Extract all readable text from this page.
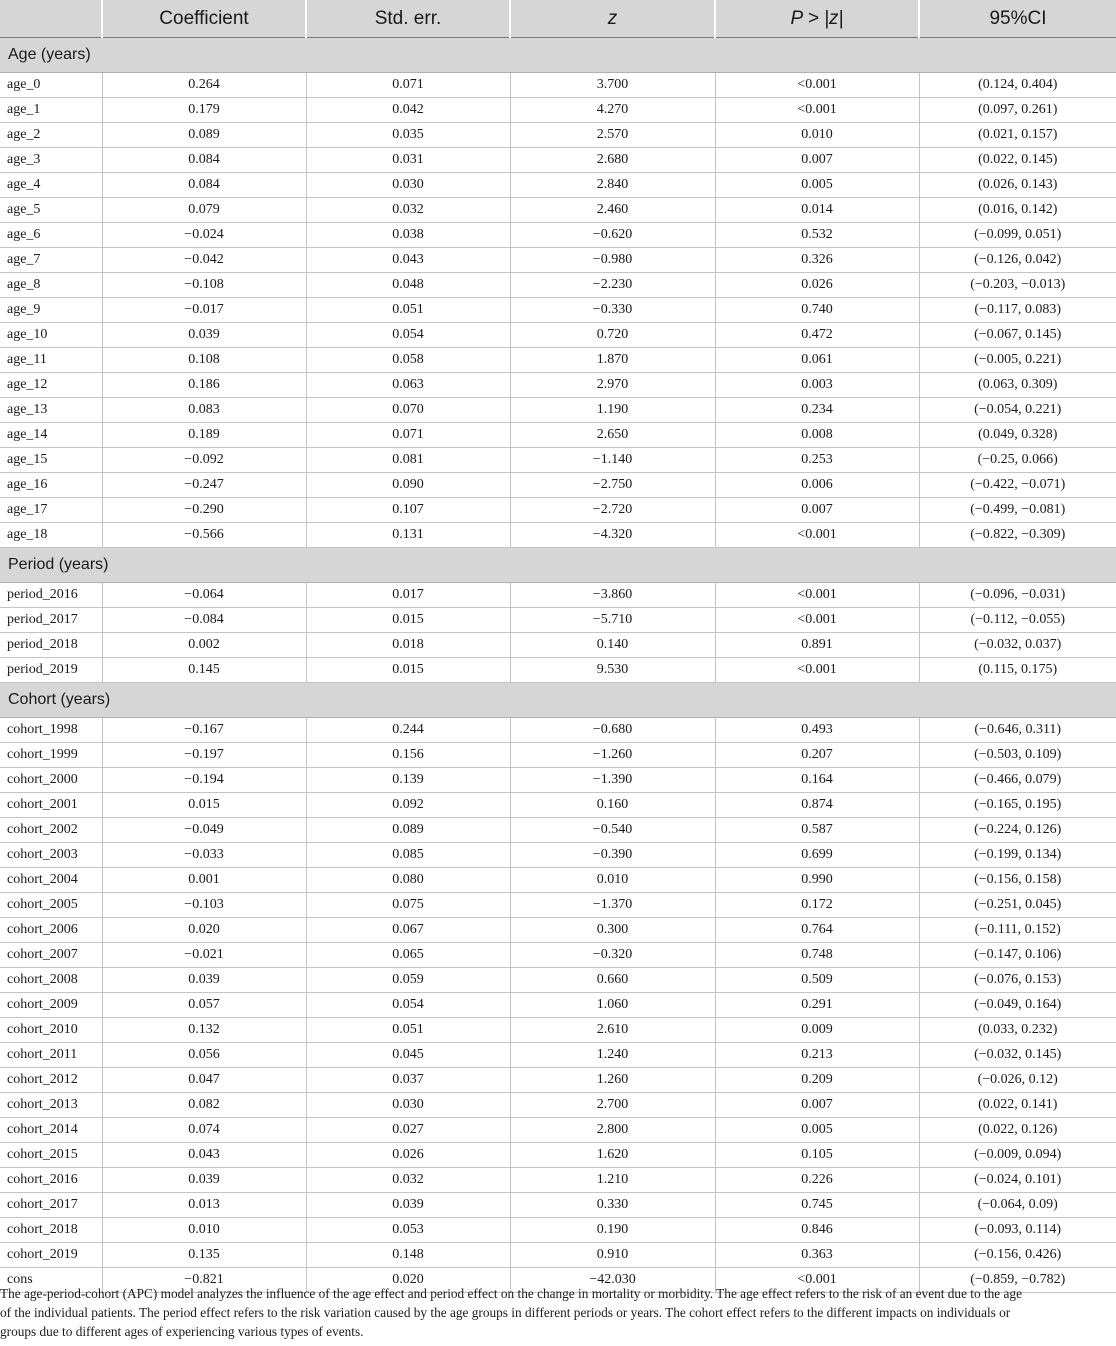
	Coefficient	Std. err.	z	P > |z|	95%CI
Age (years)					
age_0	0.264	0.071	3.700	<0.001	(0.124, 0.404)
age_1	0.179	0.042	4.270	<0.001	(0.097, 0.261)
age_2	0.089	0.035	2.570	0.010	(0.021, 0.157)
age_3	0.084	0.031	2.680	0.007	(0.022, 0.145)
age_4	0.084	0.030	2.840	0.005	(0.026, 0.143)
age_5	0.079	0.032	2.460	0.014	(0.016, 0.142)
age_6	−0.024	0.038	−0.620	0.532	(−0.099, 0.051)
age_7	−0.042	0.043	−0.980	0.326	(−0.126, 0.042)
age_8	−0.108	0.048	−2.230	0.026	(−0.203, −0.013)
age_9	−0.017	0.051	−0.330	0.740	(−0.117, 0.083)
age_10	0.039	0.054	0.720	0.472	(−0.067, 0.145)
age_11	0.108	0.058	1.870	0.061	(−0.005, 0.221)
age_12	0.186	0.063	2.970	0.003	(0.063, 0.309)
age_13	0.083	0.070	1.190	0.234	(−0.054, 0.221)
age_14	0.189	0.071	2.650	0.008	(0.049, 0.328)
age_15	−0.092	0.081	−1.140	0.253	(−0.25, 0.066)
age_16	−0.247	0.090	−2.750	0.006	(−0.422, −0.071)
age_17	−0.290	0.107	−2.720	0.007	(−0.499, −0.081)
age_18	−0.566	0.131	−4.320	<0.001	(−0.822, −0.309)
Period (years)					
period_2016	−0.064	0.017	−3.860	<0.001	(−0.096, −0.031)
period_2017	−0.084	0.015	−5.710	<0.001	(−0.112, −0.055)
period_2018	0.002	0.018	0.140	0.891	(−0.032, 0.037)
period_2019	0.145	0.015	9.530	<0.001	(0.115, 0.175)
Cohort (years)					
cohort_1998	−0.167	0.244	−0.680	0.493	(−0.646, 0.311)
cohort_1999	−0.197	0.156	−1.260	0.207	(−0.503, 0.109)
cohort_2000	−0.194	0.139	−1.390	0.164	(−0.466, 0.079)
cohort_2001	0.015	0.092	0.160	0.874	(−0.165, 0.195)
cohort_2002	−0.049	0.089	−0.540	0.587	(−0.224, 0.126)
cohort_2003	−0.033	0.085	−0.390	0.699	(−0.199, 0.134)
cohort_2004	0.001	0.080	0.010	0.990	(−0.156, 0.158)
cohort_2005	−0.103	0.075	−1.370	0.172	(−0.251, 0.045)
cohort_2006	0.020	0.067	0.300	0.764	(−0.111, 0.152)
cohort_2007	−0.021	0.065	−0.320	0.748	(−0.147, 0.106)
cohort_2008	0.039	0.059	0.660	0.509	(−0.076, 0.153)
cohort_2009	0.057	0.054	1.060	0.291	(−0.049, 0.164)
cohort_2010	0.132	0.051	2.610	0.009	(0.033, 0.232)
cohort_2011	0.056	0.045	1.240	0.213	(−0.032, 0.145)
cohort_2012	0.047	0.037	1.260	0.209	(−0.026, 0.12)
cohort_2013	0.082	0.030	2.700	0.007	(0.022, 0.141)
cohort_2014	0.074	0.027	2.800	0.005	(0.022, 0.126)
cohort_2015	0.043	0.026	1.620	0.105	(−0.009, 0.094)
cohort_2016	0.039	0.032	1.210	0.226	(−0.024, 0.101)
cohort_2017	0.013	0.039	0.330	0.745	(−0.064, 0.09)
cohort_2018	0.010	0.053	0.190	0.846	(−0.093, 0.114)
cohort_2019	0.135	0.148	0.910	0.363	(−0.156, 0.426)
cons	−0.821	0.020	−42.030	<0.001	(−0.859, −0.782)
The age-period-cohort (APC) model analyzes the influence of the age effect and period effect on the change in mortality or morbidity. The age effect refers to the risk of an event due to the age
of the individual patients. The period effect refers to the risk variation caused by the age groups in different periods or years. The cohort effect refers to the different impacts on individuals or
groups due to different ages of experiencing various types of events.
